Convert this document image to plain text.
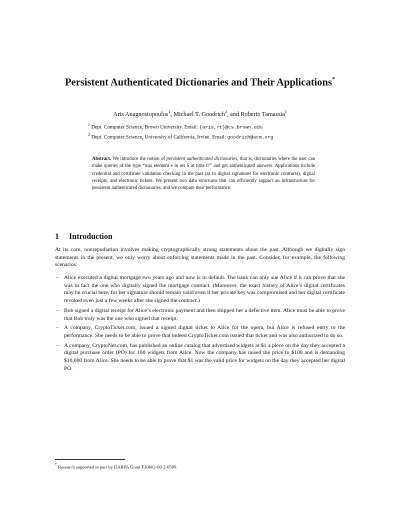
Persistent Authenticated Dictionaries and Their Applications*
Aris Anagnostopoulos$^1$, Michael T. Goodrich$^2$, and Roberto Tamassia$^1$
$^1$ Dept. Computer Science, Brown University. Email: {aris,rt}@cs.brown.edu
$^2$ Dept. Computer Science, University of California, Irvine. Email: goodrich@acm.org
Abstract. We introduce the notion of persistent authenticated dictionaries, that is, dictionaries where the user can make queries of the type “was element e in set S at time t?” and get authenticated answers. Applications include credential and certificate validation checking in the past (as in digital signatures for electronic contracts), digital receipts, and electronic tickets. We present two data structures that can efficiently support an infrastructure for persistent authenticated dictionaries, and we compare their performance.
1 Introduction
At its core, nonrepudiation involves making cryptographically strong statements about the past. Although we digitally sign statements in the present, we only worry about enforcing statements made in the past. Consider, for example, the following scenarios:
– Alice executed a digital mortgage two years ago and now is in default. The bank can only sue Alice if it can prove that she was in fact the one who digitally signed the mortgage contract. (Moreover, the exact history of Alice’s digital certificates may be crucial here, for her signature should remain valid even if her private key was compromised and her digital certificate revoked even just a few weeks after she signed the contract.)
– Bob signed a digital receipt for Alice’s electronic payment and then shipped her a defective item. Alice must be able to prove that Bob truly was the one who signed that receipt.
– A company, CryptoTicket.com, issued a signed digital ticket to Alice for the opera, but Alice is refused entry to the performance. She needs to be able to prove that indeed CryptoTicket.com issued that ticket and was also authorized to do so.
– A company, CryptoNet.com, has published an online catalog that advertised widgets at $1 a piece on the day they accepted a digital purchase order (PO) for 100 widgets from Alice. Now the company has raised the price to $100 and is demanding $10,000 from Alice. She needs to be able to prove that $1 was the valid price for widgets on the day they accepted her digital PO.
* Research supported in part by DARPA Grant F30602-00-2-0509.
